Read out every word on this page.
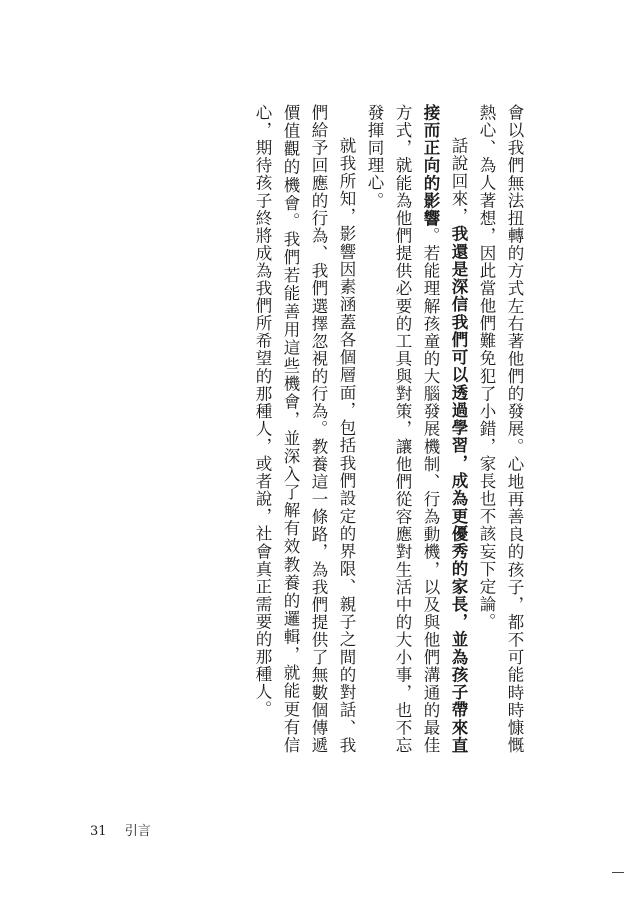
會以我們無法扭轉的方式左右著他們的發展。心地再善良的孩子，都不可能時時慷慨熱心、為人著想，因此當他們難免犯了小錯，家長也不該妄下定論。

話說回來，我還是深信我們可以透過學習，成為更優秀的家長，並為孩子帶來直接而正向的影響。若能理解孩童的大腦發展機制、行為動機，以及與他們溝通的最佳方式，就能為他們提供必要的工具與對策，讓他們從容應對生活中的大小事，也不忘發揮同理心。

就我所知，影響因素涵蓋各個層面，包括我們設定的界限、親子之間的對話、我們給予回應的行為、我們選擇忽視的行為。教養這一條路，為我們提供了無數個傳遞價值觀的機會。我們若能善用這些機會，並深入了解有效教養的邏輯，就能更有信心，期待孩子終將成為我們所希望的那種人，或者說，社會真正需要的那種人。

31 引言
